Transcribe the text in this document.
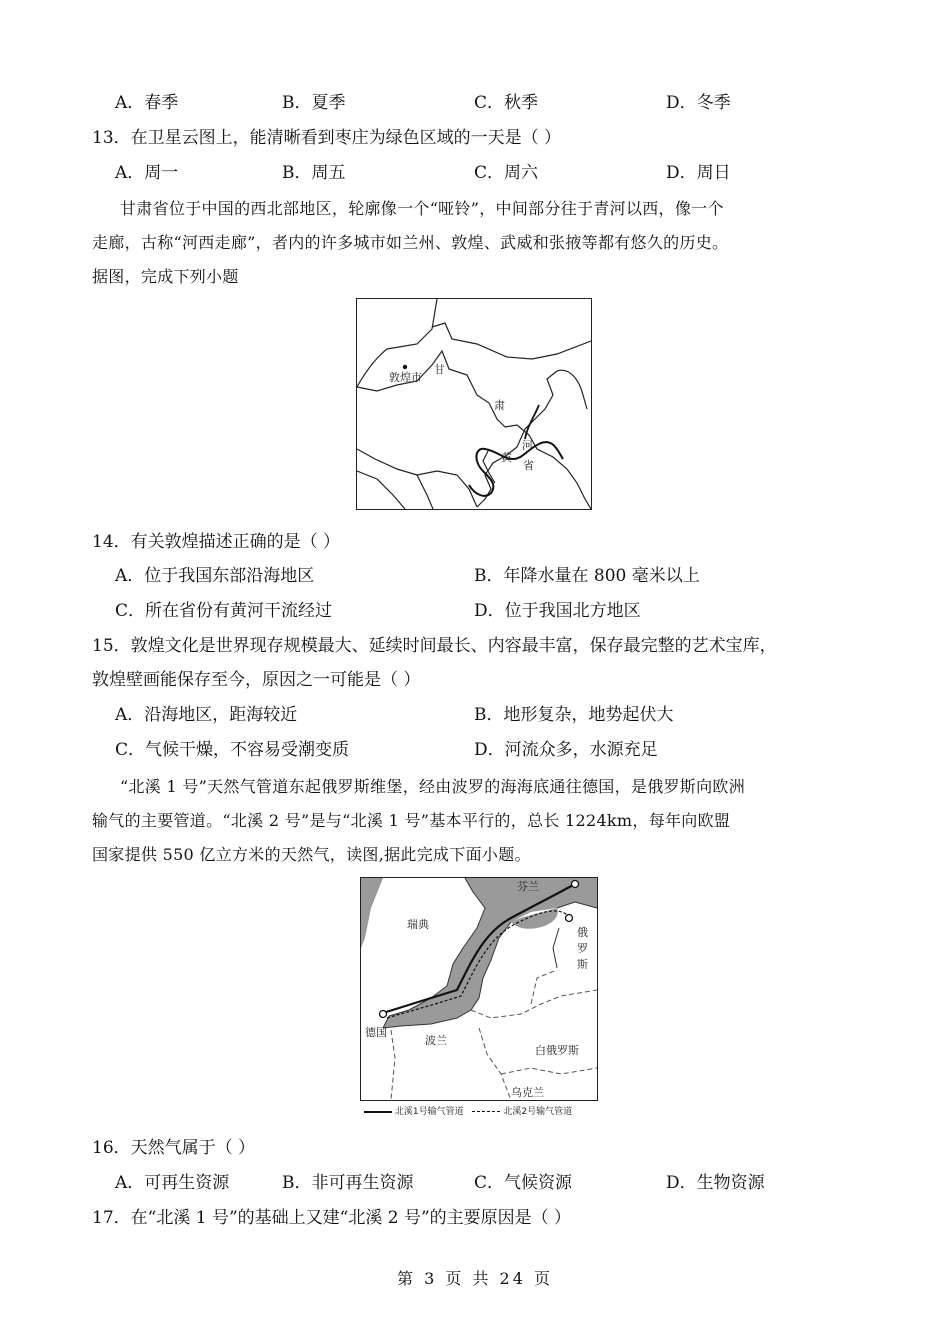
A．春季	B．夏季	C．秋季	D．冬季
13．在卫星云图上，能清晰看到枣庄为绿色区域的一天是（ ）
A．周一	B．周五	C．周六	D．周日
甘肃省位于中国的西北部地区，轮廓像一个“哑铃”，中间部分往于青河以西，像一个
走廊，古称“河西走廊”，者内的许多城市如兰州、敦煌、武威和张掖等都有悠久的历史。
据图，完成下列小题
敦煌市
甘
肃
河
黄
省
14．有关敦煌描述正确的是（ ）
A．位于我国东部沿海地区	B．年降水量在 800 毫米以上
C．所在省份有黄河干流经过	D．位于我国北方地区
15．敦煌文化是世界现存规模最大、延续时间最长、内容最丰富，保存最完整的艺术宝库，
敦煌壁画能保存至今，原因之一可能是（ ）
A．沿海地区，距海较近	B．地形复杂，地势起伏大
C．气候干燥，不容易受潮变质	D．河流众多，水源充足
“北溪 1 号”天然气管道东起俄罗斯维堡，经由波罗的海海底通往德国，是俄罗斯向欧洲
输气的主要管道。“北溪 2 号”是与“北溪 1 号”基本平行的，总长 1224km，每年向欧盟
国家提供 550 亿立方米的天然气，读图,据此完成下面小题。
芬兰
瑞典
俄
罗
斯
德国
波兰
白俄罗斯
乌克兰
北溪1号输气管道	北溪2号输气管道
16．天然气属于（ ）
A．可再生资源	B．非可再生资源	C．气候资源	D．生物资源
17．在“北溪 1 号”的基础上又建“北溪 2 号”的主要原因是（ ）
第 3 页 共 24 页
